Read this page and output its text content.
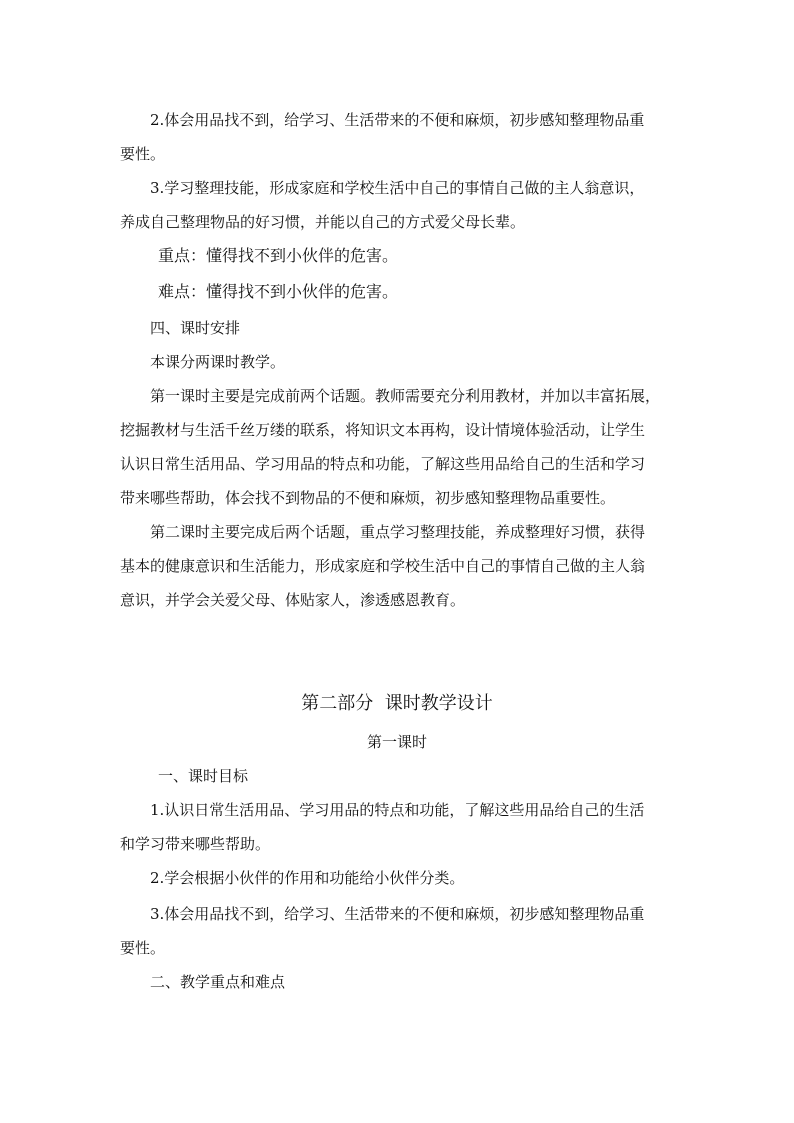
2.体会用品找不到，给学习、生活带来的不便和麻烦，初步感知整理物品重
要性。
3.学习整理技能，形成家庭和学校生活中自己的事情自己做的主人翁意识，
养成自己整理物品的好习惯，并能以自己的方式爱父母长辈。
重点：懂得找不到小伙伴的危害。
难点：懂得找不到小伙伴的危害。
四、课时安排
本课分两课时教学。
第一课时主要是完成前两个话题。教师需要充分利用教材，并加以丰富拓展，
挖掘教材与生活千丝万缕的联系，将知识文本再构，设计情境体验活动，让学生
认识日常生活用品、学习用品的特点和功能，了解这些用品给自己的生活和学习
带来哪些帮助，体会找不到物品的不便和麻烦，初步感知整理物品重要性。
第二课时主要完成后两个话题，重点学习整理技能，养成整理好习惯，获得
基本的健康意识和生活能力，形成家庭和学校生活中自己的事情自己做的主人翁
意识，并学会关爱父母、体贴家人，渗透感恩教育。
第二部分  课时教学设计
第一课时
一、课时目标
1.认识日常生活用品、学习用品的特点和功能，了解这些用品给自己的生活
和学习带来哪些帮助。
2.学会根据小伙伴的作用和功能给小伙伴分类。
3.体会用品找不到，给学习、生活带来的不便和麻烦，初步感知整理物品重
要性。
二、教学重点和难点
